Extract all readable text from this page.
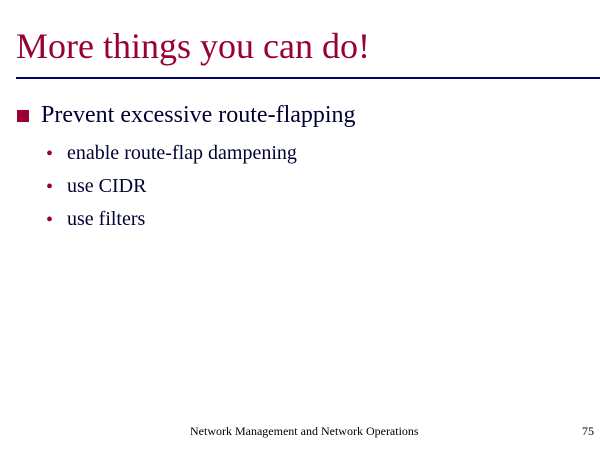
More things you can do!
Prevent excessive route-flapping
• enable route-flap dampening
• use CIDR
• use filters
Network Management and Network Operations	75
